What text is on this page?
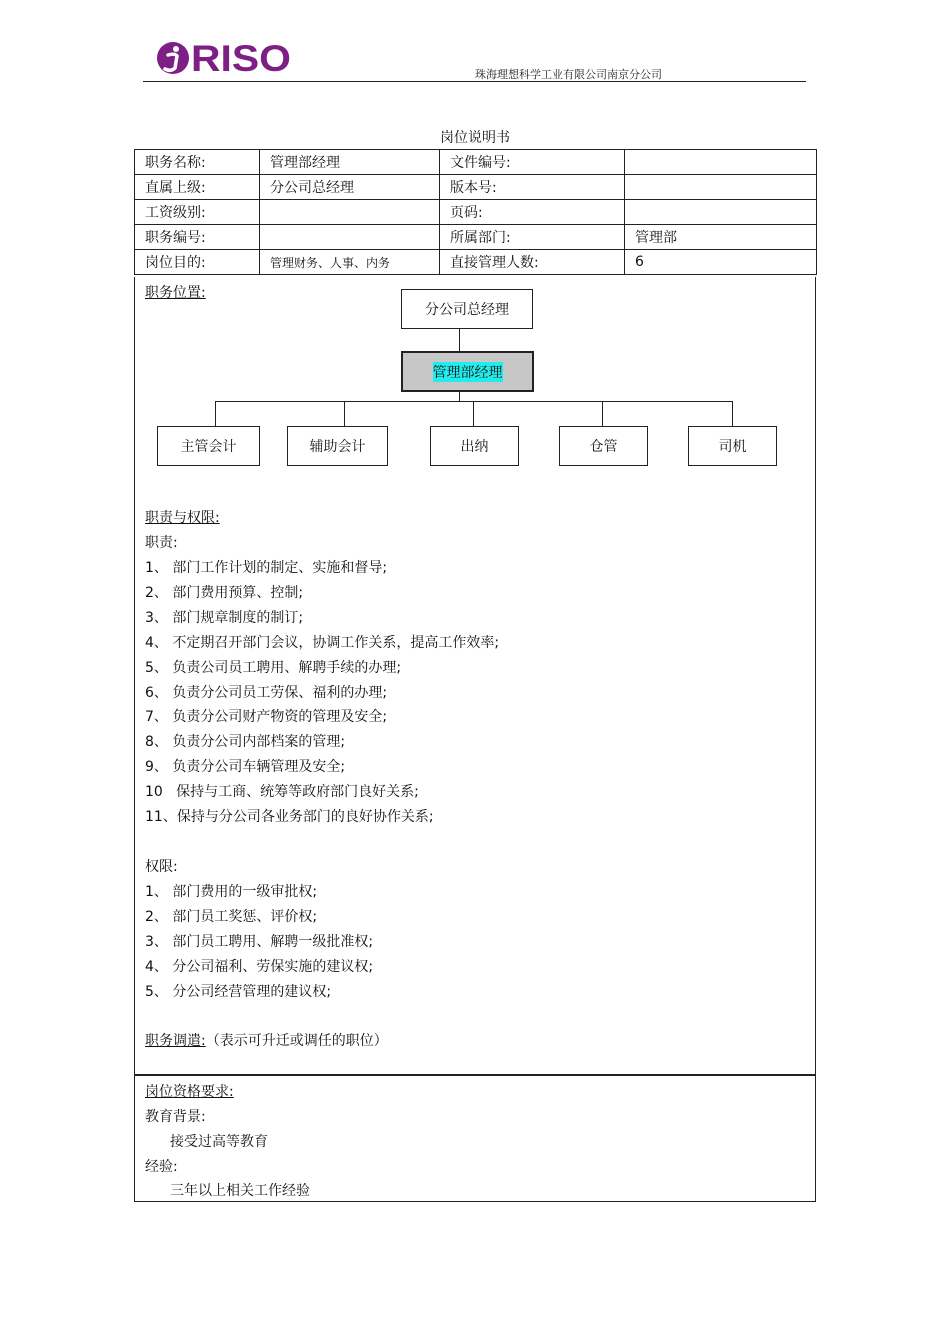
RISO	珠海理想科学工业有限公司南京分公司
岗位说明书
职务名称:	管理部经理	文件编号:	
直属上级:	分公司总经理	版本号:	
工资级别:		页码:	
职务编号:		所属部门:	管理部
岗位目的:	管理财务、人事、内务	直接管理人数:	6
职务位置:
分公司总经理
管理部经理
主管会计	辅助会计	出纳	仓管	司机
职责与权限:
职责:
1、 部门工作计划的制定、实施和督导;
2、 部门费用预算、控制;
3、 部门规章制度的制订;
4、 不定期召开部门会议，协调工作关系，提高工作效率;
5、 负责公司员工聘用、解聘手续的办理;
6、 负责分公司员工劳保、福利的办理;
7、 负责分公司财产物资的管理及安全;
8、 负责分公司内部档案的管理;
9、 负责分公司车辆管理及安全;
10   保持与工商、统筹等政府部门良好关系;
11、保持与分公司各业务部门的良好协作关系;
权限:
1、 部门费用的一级审批权;
2、 部门员工奖惩、评价权;
3、 部门员工聘用、解聘一级批准权;
4、 分公司福利、劳保实施的建议权;
5、 分公司经营管理的建议权;
职务调遣:（表示可升迁或调任的职位）
岗位资格要求:
教育背景:
接受过高等教育
经验:
三年以上相关工作经验
